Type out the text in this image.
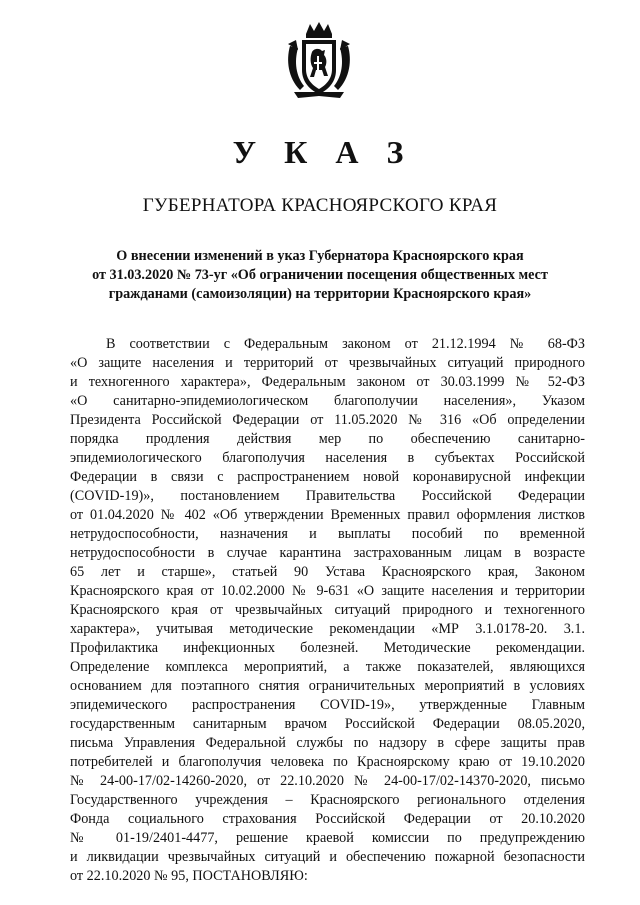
У К А З
ГУБЕРНАТОРА КРАСНОЯРСКОГО КРАЯ
О внесении изменений в указ Губернатора Красноярского края
от 31.03.2020 № 73-уг «Об ограничении посещения общественных мест
гражданами (самоизоляции) на территории Красноярского края»
В соответствии с Федеральным законом от 21.12.1994 № 68-ФЗ
«О защите населения и территорий от чрезвычайных ситуаций природного
и техногенного характера», Федеральным законом от 30.03.1999 № 52-ФЗ
«О санитарно-эпидемиологическом благополучии населения», Указом
Президента Российской Федерации от 11.05.2020 № 316 «Об определении
порядка продления действия мер по обеспечению санитарно-
эпидемиологического благополучия населения в субъектах Российской
Федерации в связи с распространением новой коронавирусной инфекции
(COVID-19)», постановлением Правительства Российской Федерации
от 01.04.2020 № 402 «Об утверждении Временных правил оформления листков
нетрудоспособности, назначения и выплаты пособий по временной
нетрудоспособности в случае карантина застрахованным лицам в возрасте
65 лет и старше», статьей 90 Устава Красноярского края, Законом
Красноярского края от 10.02.2000 № 9-631 «О защите населения и территории
Красноярского края от чрезвычайных ситуаций природного и техногенного
характера», учитывая методические рекомендации «МР 3.1.0178-20. 3.1.
Профилактика инфекционных болезней. Методические рекомендации.
Определение комплекса мероприятий, а также показателей, являющихся
основанием для поэтапного снятия ограничительных мероприятий в условиях
эпидемического распространения COVID-19», утвержденные Главным
государственным санитарным врачом Российской Федерации 08.05.2020,
письма Управления Федеральной службы по надзору в сфере защиты прав
потребителей и благополучия человека по Красноярскому краю от 19.10.2020
№ 24-00-17/02-14260-2020, от 22.10.2020 № 24-00-17/02-14370-2020, письмо
Государственного учреждения – Красноярского регионального отделения
Фонда социального страхования Российской Федерации от 20.10.2020
№ 01-19/2401-4477, решение краевой комиссии по предупреждению
и ликвидации чрезвычайных ситуаций и обеспечению пожарной безопасности
от 22.10.2020 № 95, ПОСТАНОВЛЯЮ:
